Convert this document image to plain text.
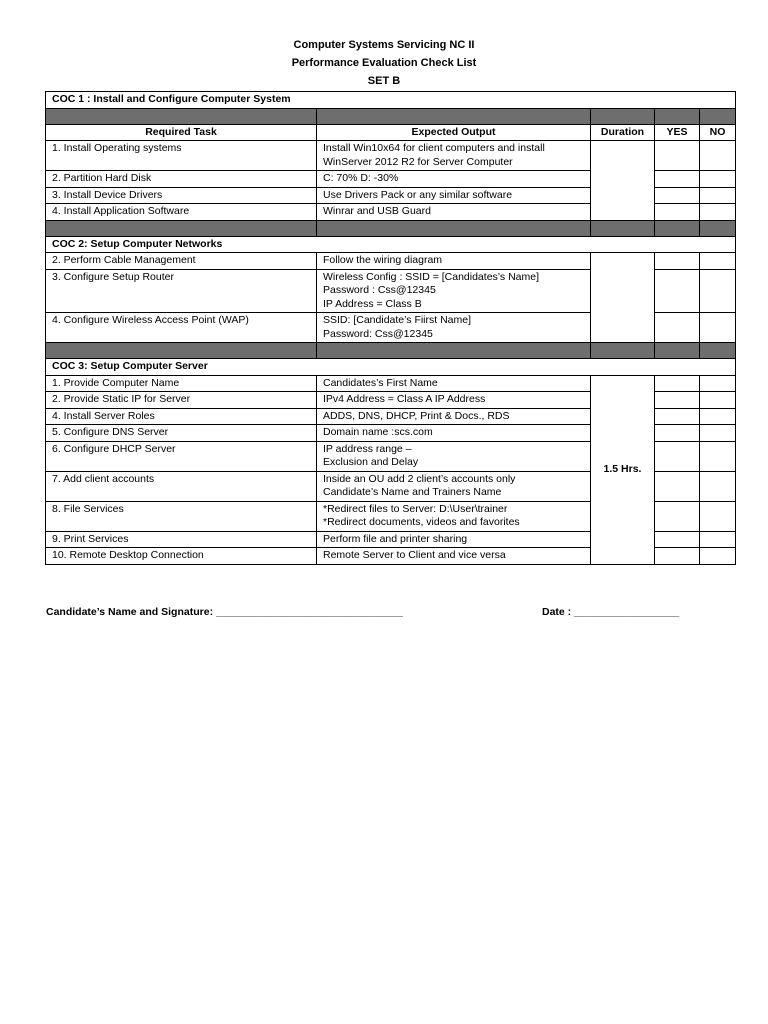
Computer Systems Servicing NC II
Performance Evaluation Check List
SET B
COC 1 : Install and Configure Computer System				

Required Task	Expected Output	Duration	YES	NO
1. Install Operating systems	Install Win10x64 for client computers and install
WinServer 2012 R2 for Server Computer			

2. Partition Hard Disk	C: 70% D: -30%			

3. Install Device Drivers	Use Drivers Pack or any similar software			

4. Install Application Software	Winrar and USB Guard			

COC 2: Setup Computer Networks				
2. Perform Cable Management	Follow the wiring diagram			

3. Configure Setup Router	Wireless Config : SSID = [Candidates’s Name]
Password : Css@12345
IP Address = Class B			

4. Configure Wireless Access Point (WAP)	SSID: [Candidate’s Fiirst Name]
Password: Css@12345			

COC 3: Setup Computer Server				
1. Provide Computer Name	Candidates’s First Name	1.5 Hrs.		
2. Provide Static IP for Server	IPv4 Address = Class A IP Address			

4. Install Server Roles	ADDS, DNS, DHCP, Print & Docs., RDS			

5. Configure DNS Server	Domain name :scs.com			

6. Configure DHCP Server	IP address range –
Exclusion and Delay			

7. Add client accounts	Inside an OU add 2 client’s accounts only
Candidate’s Name and Trainers Name			

8. File Services	*Redirect files to Server: D:\User\trainer
*Redirect documents, videos and favorites			

9. Print Services	Perform file and printer sharing			

10. Remote Desktop Connection	Remote Server to Client and vice versa			

Candidate’s Name and Signature: ________________________________	Date : __________________
